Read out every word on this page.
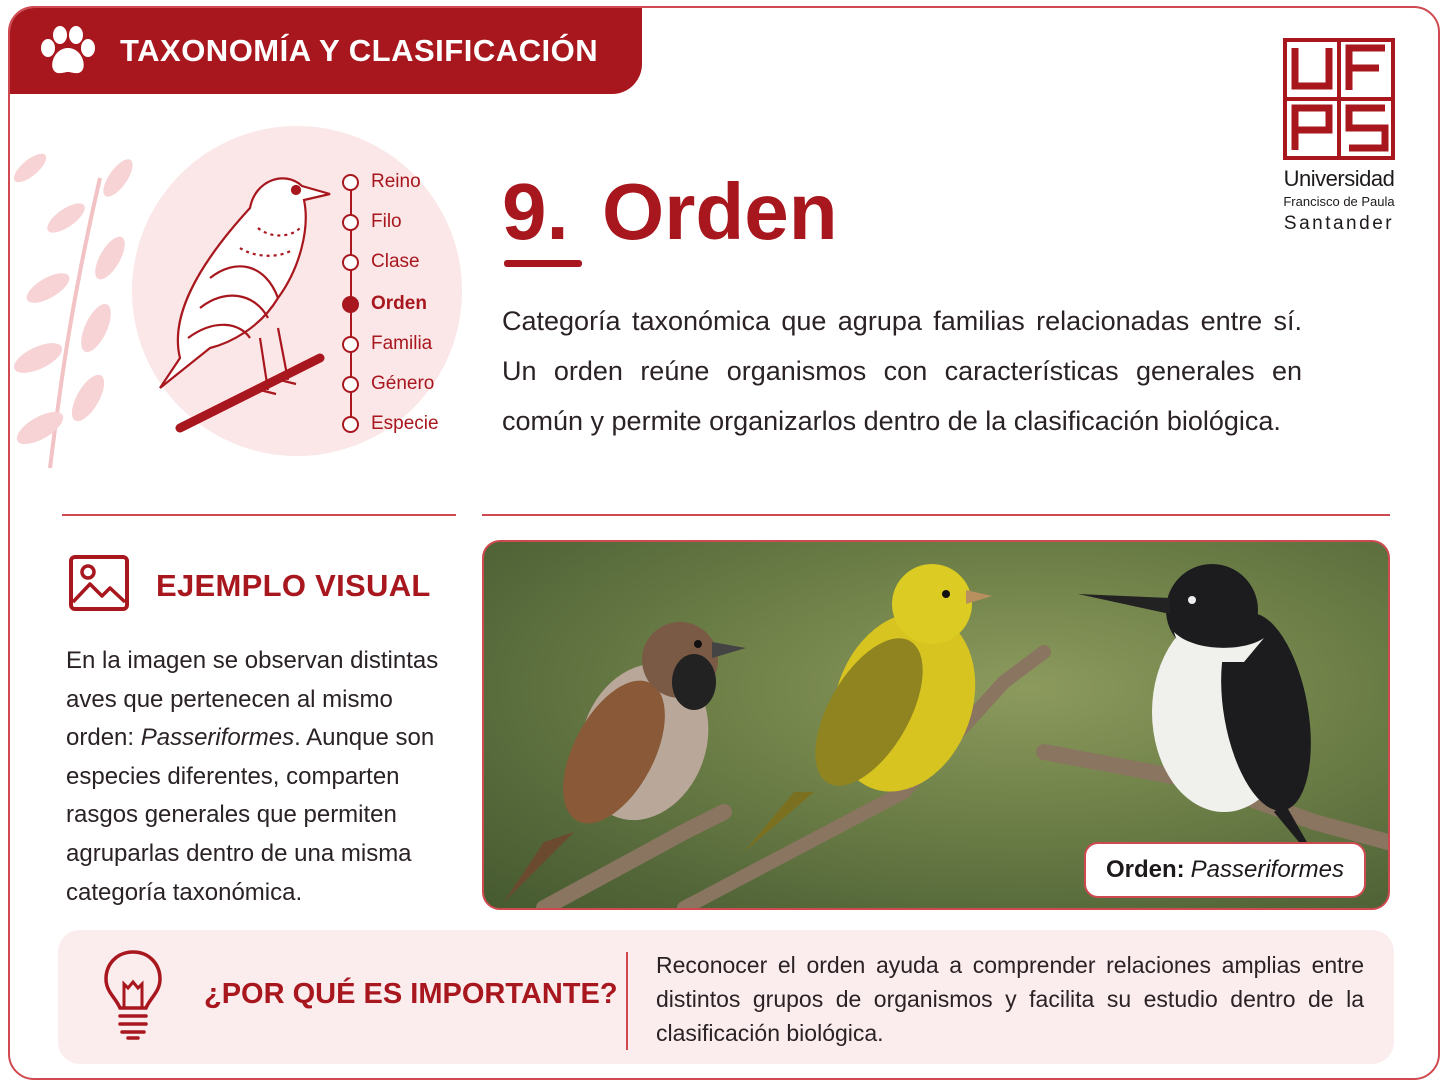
TAXONOMÍA Y CLASIFICACIÓN
Universidad
Francisco de Paula
Santander
Reino
Filo
Clase
Orden
Familia
Género
Especie
9. Orden

Categoría taxonómica que agrupa familias relacionadas entre sí. Un orden reúne organismos con características generales en común y permite organizarlos dentro de la clasificación biológica.

EJEMPLO VISUAL

En la imagen se observan distintas aves que pertenecen al mismo orden: Passeriformes. Aunque son especies diferentes, comparten rasgos generales que permiten agruparlas dentro de una misma categoría taxonómica.

Orden: Passeriformes
¿POR QUÉ ES IMPORTANTE?

Reconocer el orden ayuda a comprender relaciones amplias entre distintos grupos de organismos y facilita su estudio dentro de la clasificación biológica.
